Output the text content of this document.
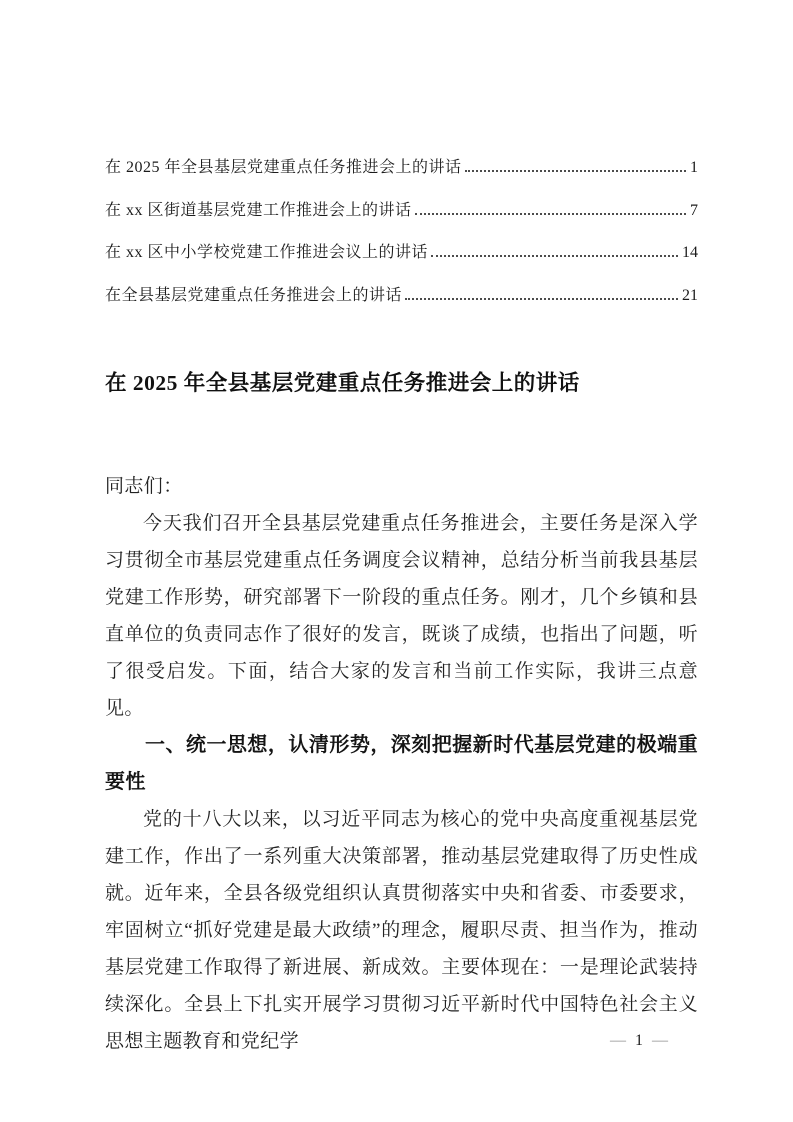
在 2025 年全县基层党建重点任务推进会上的讲话	1
在 xx 区街道基层党建工作推进会上的讲话	7
在 xx 区中小学校党建工作推进会议上的讲话	14
在全县基层党建重点任务推进会上的讲话	21
在 2025 年全县基层党建重点任务推进会上的讲话

同志们：

今天我们召开全县基层党建重点任务推进会，主要任务是深入学习贯彻全市基层党建重点任务调度会议精神，总结分析当前我县基层党建工作形势，研究部署下一阶段的重点任务。刚才，几个乡镇和县直单位的负责同志作了很好的发言，既谈了成绩，也指出了问题，听了很受启发。下面，结合大家的发言和当前工作实际，我讲三点意见。

一、统一思想，认清形势，深刻把握新时代基层党建的极端重要性

党的十八大以来，以习近平同志为核心的党中央高度重视基层党建工作，作出了一系列重大决策部署，推动基层党建取得了历史性成就。近年来，全县各级党组织认真贯彻落实中央和省委、市委要求，牢固树立“抓好党建是最大政绩”的理念，履职尽责、担当作为，推动基层党建工作取得了新进展、新成效。主要体现在：一是理论武装持续深化。全县上下扎实开展学习贯彻习近平新时代中国特色社会主义思想主题教育和党纪学	— 1 —
